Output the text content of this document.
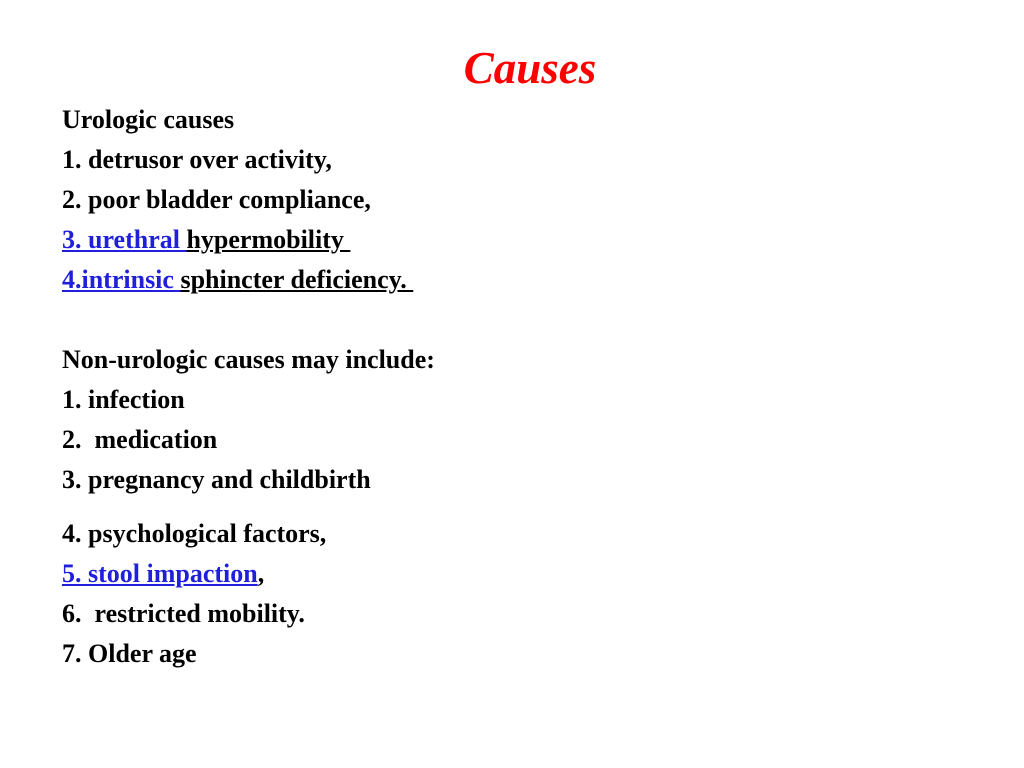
Causes
Urologic causes
1. detrusor over activity,
2. poor bladder compliance,
3. urethral hypermobility
4.intrinsic sphincter deficiency.
Non-urologic causes may include:
1. infection
2.  medication
3. pregnancy and childbirth
4. psychological factors,
5. stool impaction,
6.  restricted mobility.
7. Older age
